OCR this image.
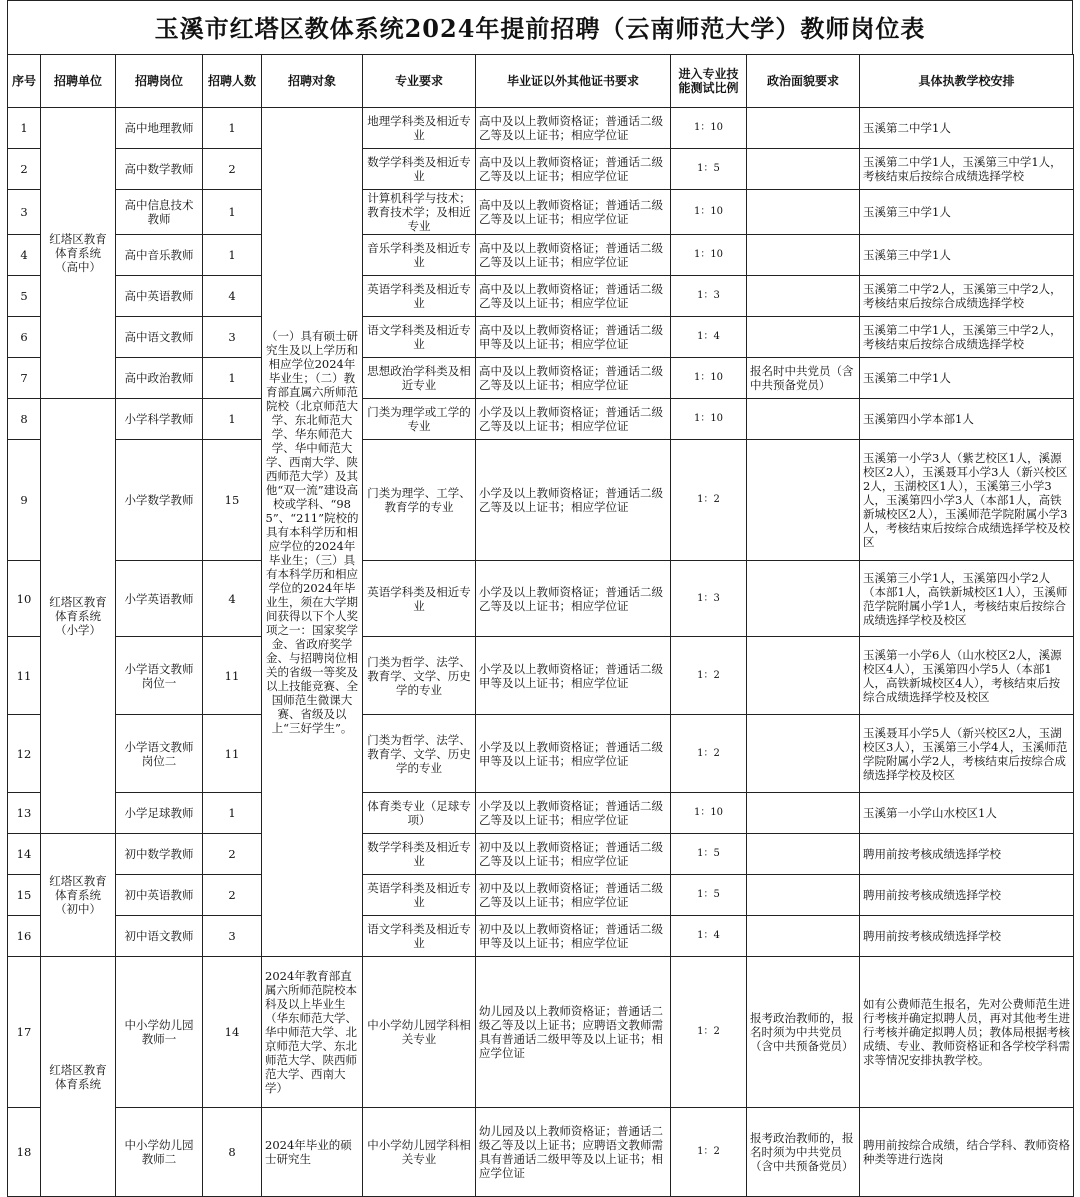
玉溪市红塔区教体系统2024年提前招聘（云南师范大学）教师岗位表
序号	招聘单位	招聘岗位	招聘人数	招聘对象	专业要求	毕业证以外其他证书要求	进入专业技能测试比例	政治面貌要求	具体执教学校安排
1	红塔区教育体育系统（高中）	高中地理教师	1	（一）具有硕士研究生及以上学历和相应学位2024年毕业生；（二）教育部直属六所师范院校（北京师范大学、东北师范大学、华东师范大学、华中师范大学、西南大学、陕西师范大学）及其他“双一流”建设高校或学科、“985”、“211”院校的具有本科学历和相应学位的2024年毕业生；（三）具有本科学历和相应学位的2024年毕业生，须在大学期间获得以下个人奖项之一：国家奖学金、省政府奖学金、与招聘岗位相关的省级一等奖及以上技能竞赛、全国师范生微课大赛、省级及以上“三好学生”。	地理学科类及相近专业	高中及以上教师资格证；普通话二级乙等及以上证书；相应学位证	1：10		玉溪第二中学1人
2		高中数学教师	2		数学学科类及相近专业	高中及以上教师资格证；普通话二级乙等及以上证书；相应学位证	1：5		玉溪第二中学1人，玉溪第三中学1人，考核结束后按综合成绩选择学校
3		高中信息技术教师	1		计算机科学与技术；教育技术学；及相近专业	高中及以上教师资格证；普通话二级乙等及以上证书；相应学位证	1：10		玉溪第三中学1人
4		高中音乐教师	1		音乐学科类及相近专业	高中及以上教师资格证；普通话二级乙等及以上证书；相应学位证	1：10		玉溪第三中学1人
5		高中英语教师	4		英语学科类及相近专业	高中及以上教师资格证；普通话二级乙等及以上证书；相应学位证	1：3		玉溪第二中学2人，玉溪第三中学2人，考核结束后按综合成绩选择学校
6		高中语文教师	3		语文学科类及相近专业	高中及以上教师资格证；普通话二级甲等及以上证书；相应学位证	1：4		玉溪第二中学1人，玉溪第三中学2人，考核结束后按综合成绩选择学校
7		高中政治教师	1		思想政治学科类及相近专业	高中及以上教师资格证；普通话二级乙等及以上证书；相应学位证	1：10	报名时中共党员（含中共预备党员）	玉溪第二中学1人
8	红塔区教育体育系统（小学）	小学科学教师	1		门类为理学或工学的专业	小学及以上教师资格证；普通话二级乙等及以上证书；相应学位证	1：10		玉溪第四小学本部1人
9		小学数学教师	15		门类为理学、工学、教育学的专业	小学及以上教师资格证；普通话二级乙等及以上证书；相应学位证	1：2		玉溪第一小学3人（紫艺校区1人，溪源校区2人），玉溪聂耳小学3人（新兴校区2人，玉湖校区1人），玉溪第三小学3人，玉溪第四小学3人（本部1人，高铁新城校区2人），玉溪师范学院附属小学3人，考核结束后按综合成绩选择学校及校区
10		小学英语教师	4		英语学科类及相近专业	小学及以上教师资格证；普通话二级乙等及以上证书；相应学位证	1：3		玉溪第三小学1人，玉溪第四小学2人（本部1人，高铁新城校区1人），玉溪师范学院附属小学1人，考核结束后按综合成绩选择学校及校区
11		小学语文教师岗位一	11		门类为哲学、法学、教育学、文学、历史学的专业	小学及以上教师资格证；普通话二级甲等及以上证书；相应学位证	1：2		玉溪第一小学6人（山水校区2人，溪源校区4人），玉溪第四小学5人（本部1人，高铁新城校区4人），考核结束后按综合成绩选择学校及校区
12		小学语文教师岗位二	11		门类为哲学、法学、教育学、文学、历史学的专业	小学及以上教师资格证；普通话二级甲等及以上证书；相应学位证	1：2		玉溪聂耳小学5人（新兴校区2人，玉湖校区3人），玉溪第三小学4人，玉溪师范学院附属小学2人，考核结束后按综合成绩选择学校及校区
13		小学足球教师	1		体育类专业（足球专项）	小学及以上教师资格证；普通话二级乙等及以上证书；相应学位证	1：10		玉溪第一小学山水校区1人
14	红塔区教育体育系统（初中）	初中数学教师	2		数学学科类及相近专业	初中及以上教师资格证；普通话二级乙等及以上证书；相应学位证	1：5		聘用前按考核成绩选择学校
15		初中英语教师	2		英语学科类及相近专业	初中及以上教师资格证；普通话二级乙等及以上证书；相应学位证	1：5		聘用前按考核成绩选择学校
16		初中语文教师	3		语文学科类及相近专业	初中及以上教师资格证；普通话二级甲等及以上证书；相应学位证	1：4		聘用前按考核成绩选择学校
17	红塔区教育体育系统	中小学幼儿园教师一	14	2024年教育部直属六所师范院校本科及以上毕业生（华东师范大学、华中师范大学、北京师范大学、东北师范大学、陕西师范大学、西南大学）	中小学幼儿园学科相关专业	幼儿园及以上教师资格证；普通话二级乙等及以上证书；应聘语文教师需具有普通话二级甲等及以上证书；相应学位证	1：2	报考政治教师的，报名时须为中共党员（含中共预备党员）	如有公费师范生报名，先对公费师范生进行考核并确定拟聘人员，再对其他考生进行考核并确定拟聘人员；教体局根据考核成绩、专业、教师资格证和各学校学科需求等情况安排执教学校。
18		中小学幼儿园教师二	8	2024年毕业的硕士研究生	中小学幼儿园学科相关专业	幼儿园及以上教师资格证；普通话二级乙等及以上证书；应聘语文教师需具有普通话二级甲等及以上证书；相应学位证	1：2	报考政治教师的，报名时须为中共党员（含中共预备党员）	聘用前按综合成绩，结合学科、教师资格种类等进行选岗
